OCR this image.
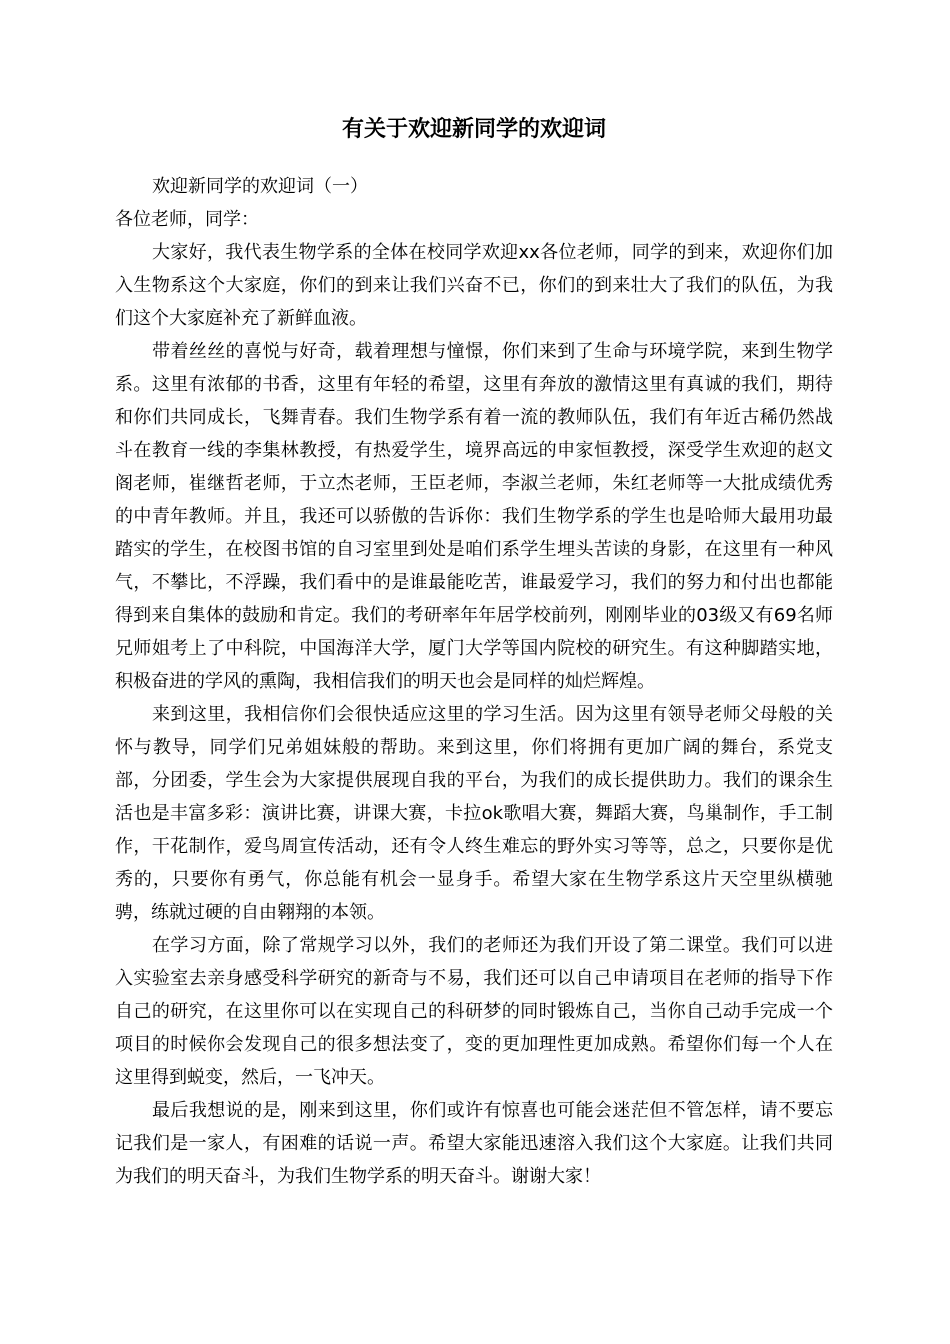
有关于欢迎新同学的欢迎词

欢迎新同学的欢迎词（一）

各位老师，同学：

大家好，我代表生物学系的全体在校同学欢迎xx各位老师，同学的到来，欢迎你们加入生物系这个大家庭，你们的到来让我们兴奋不已，你们的到来壮大了我们的队伍，为我们这个大家庭补充了新鲜血液。

带着丝丝的喜悦与好奇，载着理想与憧憬，你们来到了生命与环境学院，来到生物学系。这里有浓郁的书香，这里有年轻的希望，这里有奔放的激情这里有真诚的我们，期待和你们共同成长，飞舞青春。我们生物学系有着一流的教师队伍，我们有年近古稀仍然战斗在教育一线的李集林教授，有热爱学生，境界高远的申家恒教授，深受学生欢迎的赵文阁老师，崔继哲老师，于立杰老师，王臣老师，李淑兰老师，朱红老师等一大批成绩优秀的中青年教师。并且，我还可以骄傲的告诉你：我们生物学系的学生也是哈师大最用功最踏实的学生，在校图书馆的自习室里到处是咱们系学生埋头苦读的身影，在这里有一种风气，不攀比，不浮躁，我们看中的是谁最能吃苦，谁最爱学习，我们的努力和付出也都能得到来自集体的鼓励和肯定。我们的考研率年年居学校前列，刚刚毕业的03级又有69名师兄师姐考上了中科院，中国海洋大学，厦门大学等国内院校的研究生。有这种脚踏实地，积极奋进的学风的熏陶，我相信我们的明天也会是同样的灿烂辉煌。

来到这里，我相信你们会很快适应这里的学习生活。因为这里有领导老师父母般的关怀与教导，同学们兄弟姐妹般的帮助。来到这里，你们将拥有更加广阔的舞台，系党支部，分团委，学生会为大家提供展现自我的平台，为我们的成长提供助力。我们的课余生活也是丰富多彩：演讲比赛，讲课大赛，卡拉ok歌唱大赛，舞蹈大赛，鸟巢制作，手工制作，干花制作，爱鸟周宣传活动，还有令人终生难忘的野外实习等等，总之，只要你是优秀的，只要你有勇气，你总能有机会一显身手。希望大家在生物学系这片天空里纵横驰骋，练就过硬的自由翱翔的本领。

在学习方面，除了常规学习以外，我们的老师还为我们开设了第二课堂。我们可以进入实验室去亲身感受科学研究的新奇与不易，我们还可以自己申请项目在老师的指导下作自己的研究，在这里你可以在实现自己的科研梦的同时锻炼自己，当你自己动手完成一个项目的时候你会发现自己的很多想法变了，变的更加理性更加成熟。希望你们每一个人在这里得到蜕变，然后，一飞冲天。

最后我想说的是，刚来到这里，你们或许有惊喜也可能会迷茫但不管怎样，请不要忘记我们是一家人，有困难的话说一声。希望大家能迅速溶入我们这个大家庭。让我们共同为我们的明天奋斗，为我们生物学系的明天奋斗。谢谢大家！
